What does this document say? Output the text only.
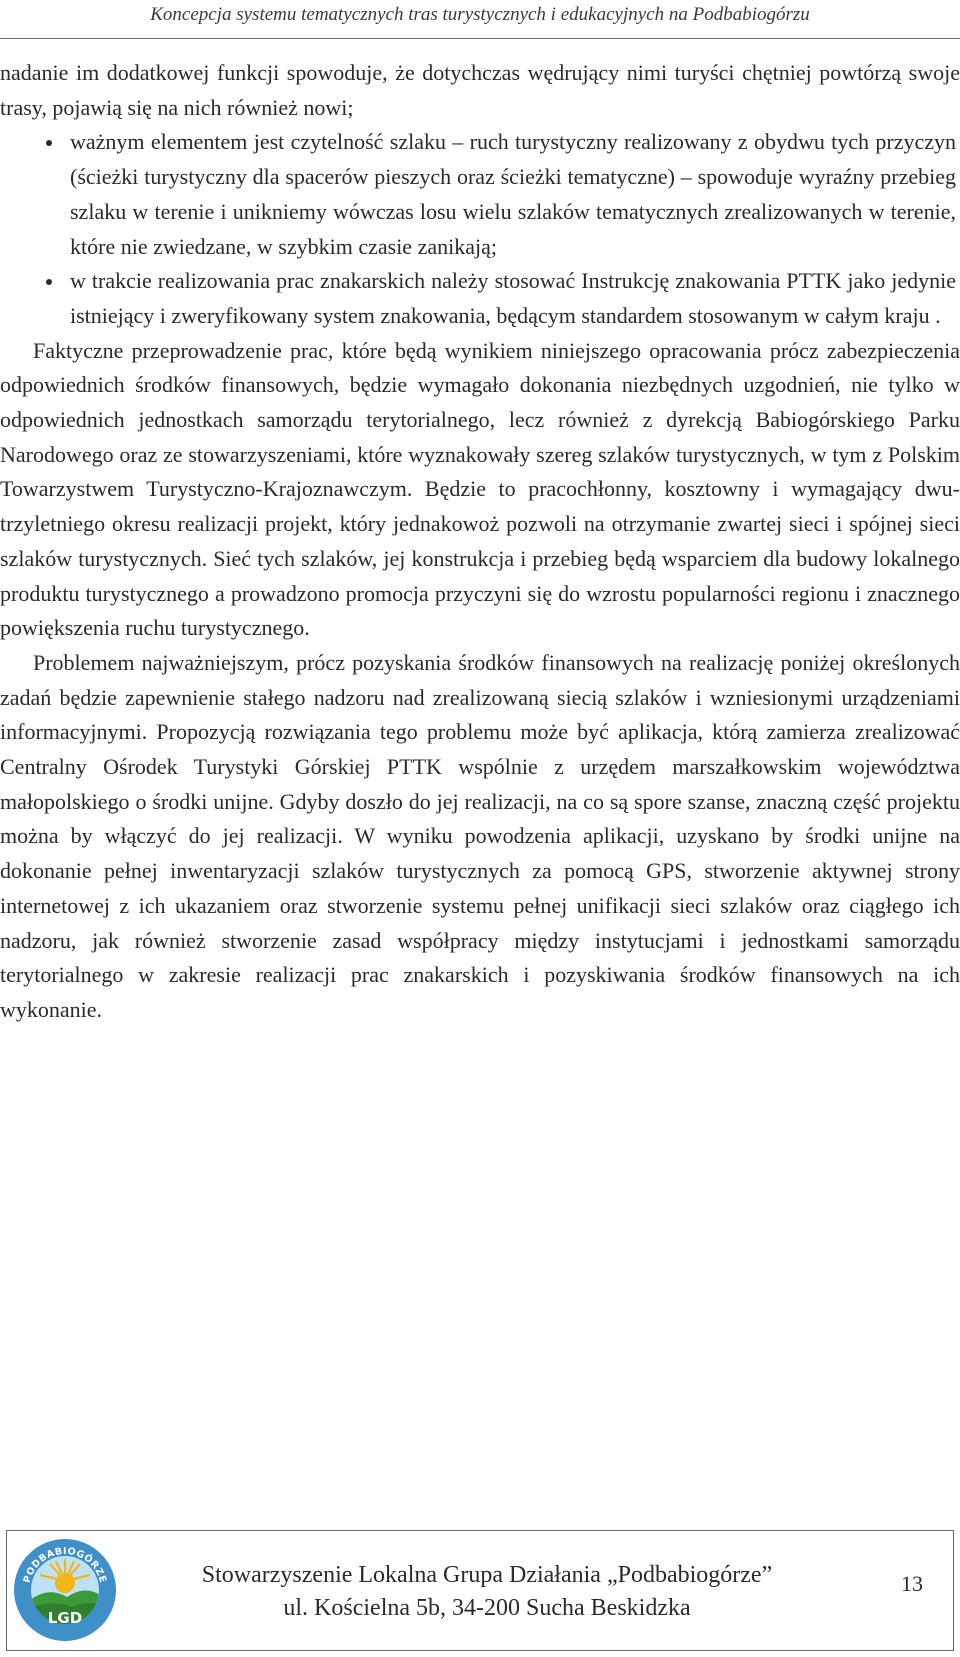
Koncepcja systemu tematycznych tras turystycznych i edukacyjnych na Podbabiogórzu

nadanie im dodatkowej funkcji spowoduje, że dotychczas wędrujący nimi turyści chętniej powtórzą swoje trasy, pojawią się na nich również nowi;

ważnym elementem jest czytelność szlaku – ruch turystyczny realizowany z obydwu tych przyczyn (ścieżki turystyczny dla spacerów pieszych oraz ścieżki tematyczne) – spowoduje wyraźny przebieg szlaku w terenie i unikniemy wówczas losu wielu szlaków tematycznych zrealizowanych w terenie, które nie zwiedzane, w szybkim czasie zanikają;
w trakcie realizowania prac znakarskich należy stosować Instrukcję znakowania PTTK jako jedynie istniejący i zweryfikowany system znakowania, będącym standardem stosowanym w całym kraju .

Faktyczne przeprowadzenie prac, które będą wynikiem niniejszego opracowania prócz zabezpieczenia odpowiednich środków finansowych, będzie wymagało dokonania niezbędnych uzgodnień, nie tylko w odpowiednich jednostkach samorządu terytorialnego, lecz również z dyrekcją Babiogórskiego Parku Narodowego oraz ze stowarzyszeniami, które wyznakowały szereg szlaków turystycznych, w tym z Polskim Towarzystwem Turystyczno-Krajoznawczym. Będzie to pracochłonny, kosztowny i wymagający dwu-trzyletniego okresu realizacji projekt, który jednakowoż pozwoli na otrzymanie zwartej sieci i spójnej sieci szlaków turystycznych. Sieć tych szlaków, jej konstrukcja i przebieg będą wsparciem dla budowy lokalnego produktu turystycznego a prowadzono promocja przyczyni się do wzrostu popularności regionu i znacznego powiększenia ruchu turystycznego.

Problemem najważniejszym, prócz pozyskania środków finansowych na realizację poniżej określonych zadań będzie zapewnienie stałego nadzoru nad zrealizowaną siecią szlaków i wzniesionymi urządzeniami informacyjnymi. Propozycją rozwiązania tego problemu może być aplikacja, którą zamierza zrealizować Centralny Ośrodek Turystyki Górskiej PTTK wspólnie z urzędem marszałkowskim województwa małopolskiego o środki unijne. Gdyby doszło do jej realizacji, na co są spore szanse, znaczną część projektu można by włączyć do jej realizacji. W wyniku powodzenia aplikacji, uzyskano by środki unijne na dokonanie pełnej inwentaryzacji szlaków turystycznych za pomocą GPS, stworzenie aktywnej strony internetowej z ich ukazaniem oraz stworzenie systemu pełnej unifikacji sieci szlaków oraz ciągłego ich nadzoru, jak również stworzenie zasad współpracy między instytucjami i jednostkami samorządu terytorialnego w zakresie realizacji prac znakarskich i pozyskiwania środków finansowych na ich wykonanie.

PODBABIOGÓRZE
LGD
Stowarzyszenie Lokalna Grupa Działania „Podbabiogórze”
ul. Kościelna 5b, 34-200 Sucha Beskidzka
13
